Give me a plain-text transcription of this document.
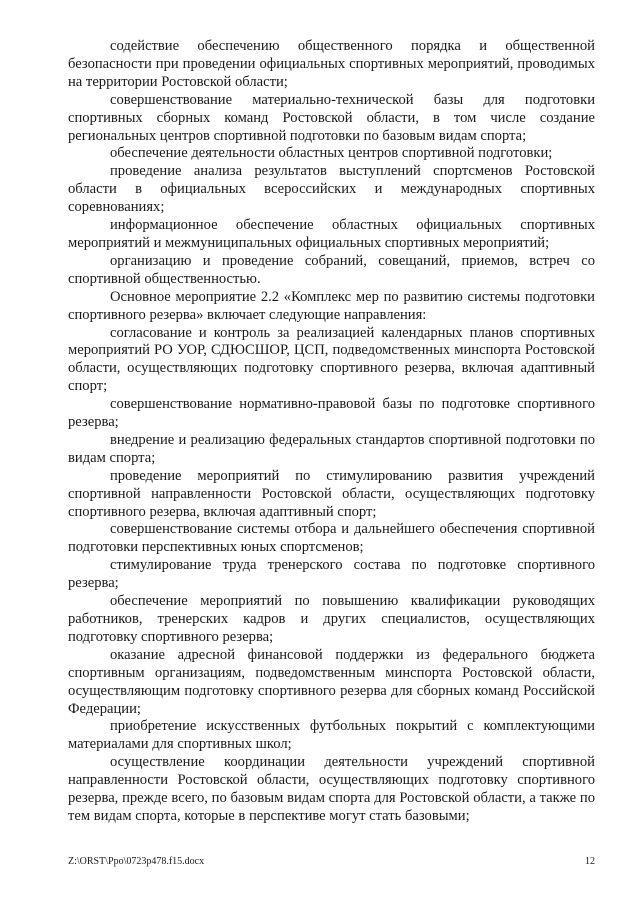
содействие обеспечению общественного порядка и общественной безопасности при проведении официальных спортивных мероприятий, проводимых на территории Ростовской области;

совершенствование материально-технической базы для подготовки спортивных сборных команд Ростовской области, в том числе создание региональных центров спортивной подготовки по базовым видам спорта;

обеспечение деятельности областных центров спортивной подготовки;

проведение анализа результатов выступлений спортсменов Ростовской области в официальных всероссийских и международных спортивных соревнованиях;

информационное обеспечение областных официальных спортивных мероприятий и межмуниципальных официальных спортивных мероприятий;

организацию и проведение собраний, совещаний, приемов, встреч со спортивной общественностью.

Основное мероприятие 2.2 «Комплекс мер по развитию системы подготовки спортивного резерва» включает следующие направления:

согласование и контроль за реализацией календарных планов спортивных мероприятий РО УОР, СДЮСШОР, ЦСП, подведомственных минспорта Ростовской области, осуществляющих подготовку спортивного резерва, включая адаптивный спорт;

совершенствование нормативно-правовой базы по подготовке спортивного резерва;

внедрение и реализацию федеральных стандартов спортивной подготовки по видам спорта;

проведение мероприятий по стимулированию развития учреждений спортивной направленности Ростовской области, осуществляющих подготовку спортивного резерва, включая адаптивный спорт;

совершенствование системы отбора и дальнейшего обеспечения спортивной подготовки перспективных юных спортсменов;

стимулирование труда тренерского состава по подготовке спортивного резерва;

обеспечение мероприятий по повышению квалификации руководящих работников, тренерских кадров и других специалистов, осуществляющих подготовку спортивного резерва;

оказание адресной финансовой поддержки из федерального бюджета спортивным организациям, подведомственным минспорта Ростовской области, осуществляющим подготовку спортивного резерва для сборных команд Российской Федерации;

приобретение искусственных футбольных покрытий с комплектующими материалами для спортивных школ;

осуществление координации деятельности учреждений спортивной направленности Ростовской области, осуществляющих подготовку спортивного резерва, прежде всего, по базовым видам спорта для Ростовской области, а также по тем видам спорта, которые в перспективе могут стать базовыми;

Z:\ORST\Ppo\0723p478.f15.docx	12
